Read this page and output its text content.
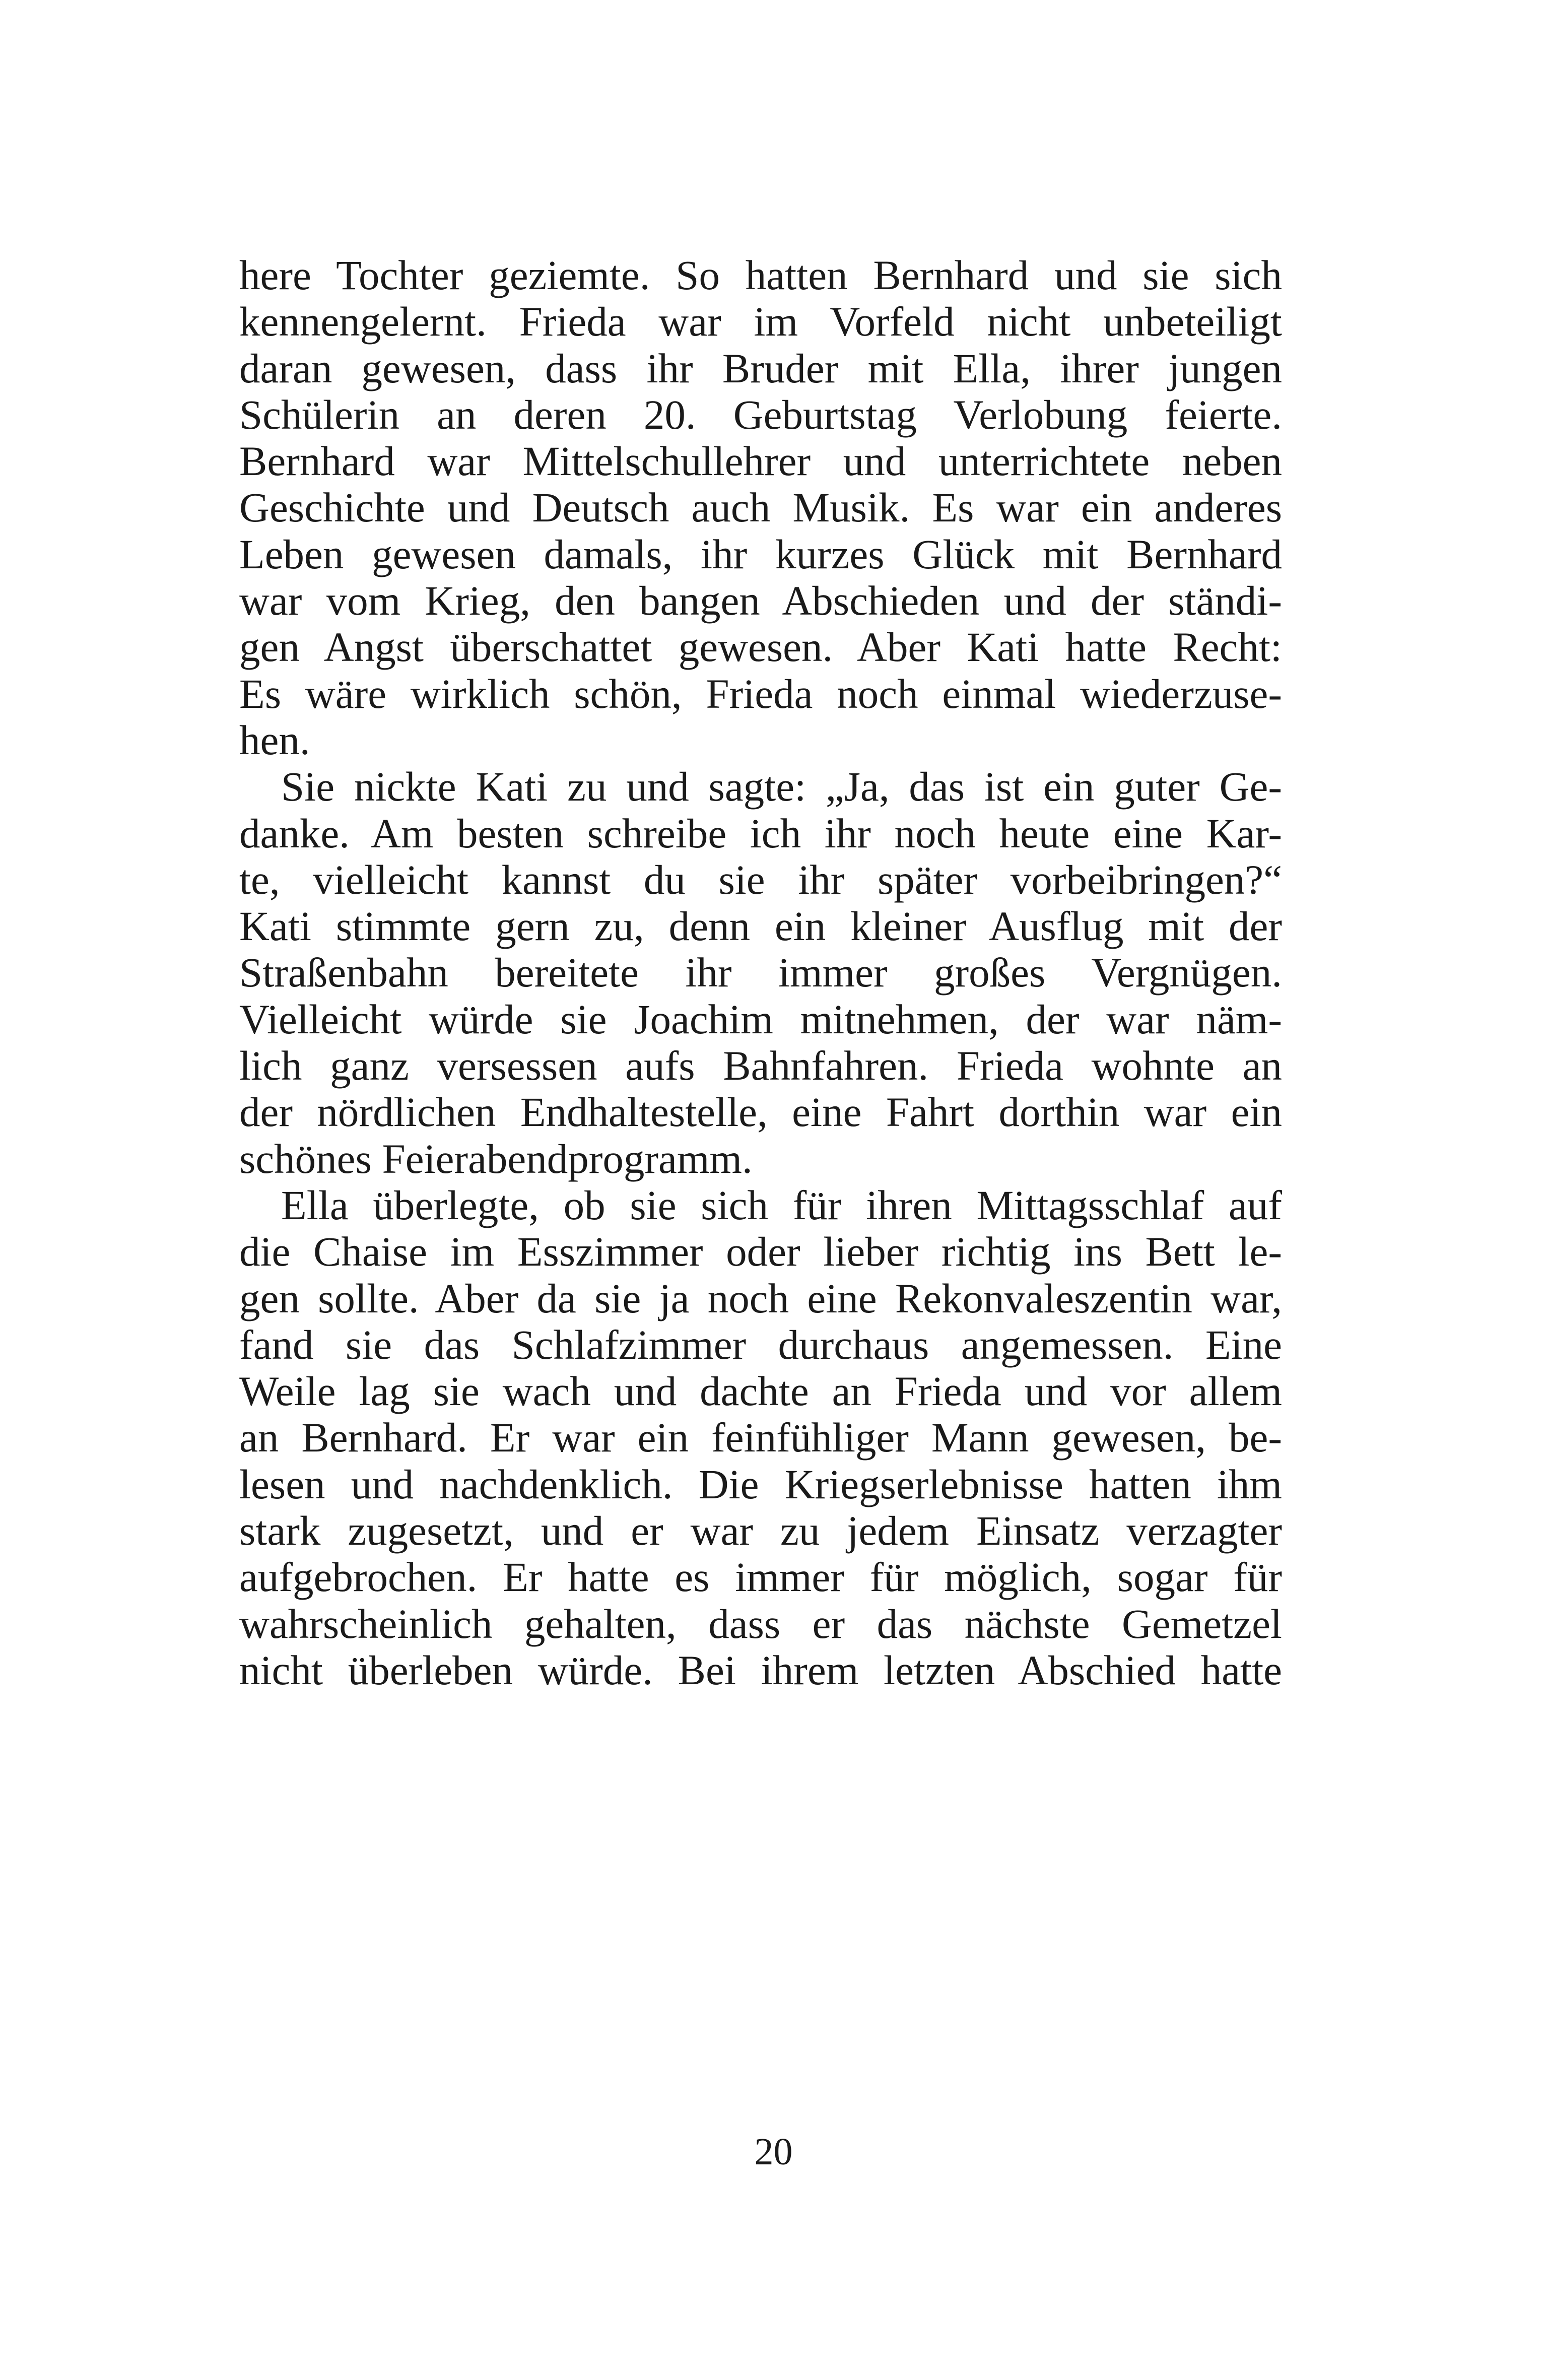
here Tochter geziemte. So hatten Bernhard und sie sich
kennengelernt. Frieda war im Vorfeld nicht unbeteiligt
daran gewesen, dass ihr Bruder mit Ella, ihrer jungen
Schülerin an deren 20. Geburtstag Verlobung feierte.
Bernhard war Mittelschullehrer und unterrichtete neben
Geschichte und Deutsch auch Musik. Es war ein anderes
Leben gewesen damals, ihr kurzes Glück mit Bernhard
war vom Krieg, den bangen Abschieden und der ständi-
gen Angst überschattet gewesen. Aber Kati hatte Recht:
Es wäre wirklich schön, Frieda noch einmal wiederzuse-
hen.
Sie nickte Kati zu und sagte: „Ja, das ist ein guter Ge-
danke. Am besten schreibe ich ihr noch heute eine Kar-
te, vielleicht kannst du sie ihr später vorbeibringen?“
Kati stimmte gern zu, denn ein kleiner Ausflug mit der
Straßenbahn bereitete ihr immer großes Vergnügen.
Vielleicht würde sie Joachim mitnehmen, der war näm-
lich ganz versessen aufs Bahnfahren. Frieda wohnte an
der nördlichen Endhaltestelle, eine Fahrt dorthin war ein
schönes Feierabendprogramm.
Ella überlegte, ob sie sich für ihren Mittagsschlaf auf
die Chaise im Esszimmer oder lieber richtig ins Bett le-
gen sollte. Aber da sie ja noch eine Rekonvaleszentin war,
fand sie das Schlafzimmer durchaus angemessen. Eine
Weile lag sie wach und dachte an Frieda und vor allem
an Bernhard. Er war ein feinfühliger Mann gewesen, be-
lesen und nachdenklich. Die Kriegserlebnisse hatten ihm
stark zugesetzt, und er war zu jedem Einsatz verzagter
aufgebrochen. Er hatte es immer für möglich, sogar für
wahrscheinlich gehalten, dass er das nächste Gemetzel
nicht überleben würde. Bei ihrem letzten Abschied hatte
20
